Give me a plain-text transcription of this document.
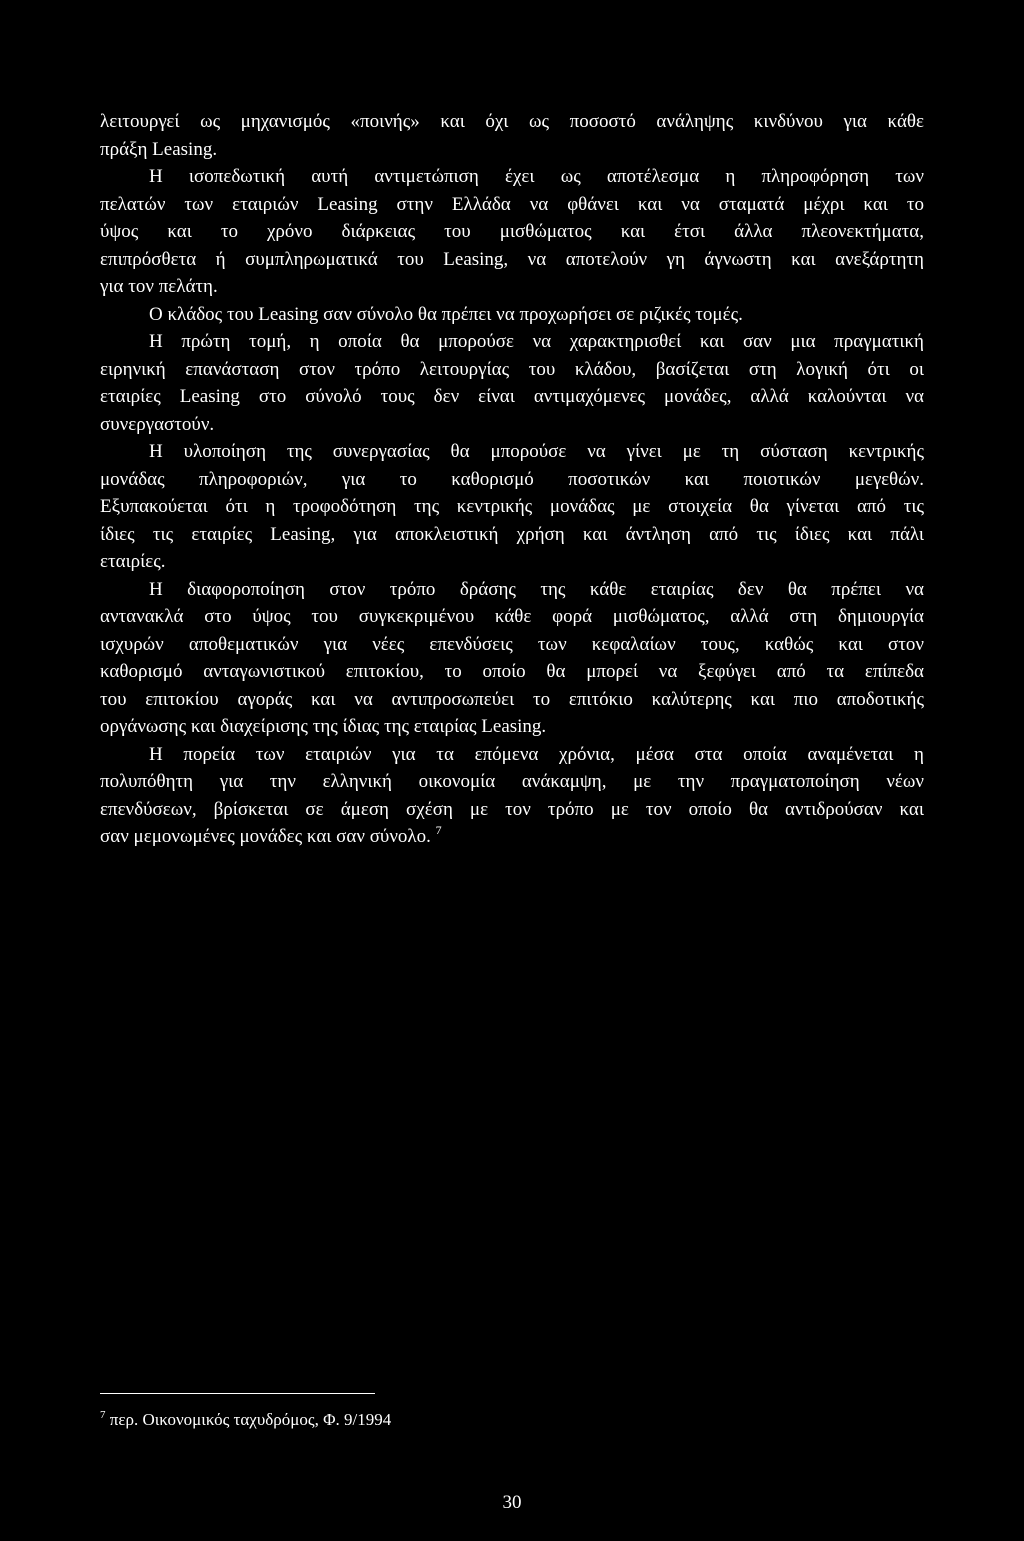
λειτουργεί ως μηχανισμός «ποινής» και όχι ως ποσοστό ανάληψης κινδύνου για κάθε
πράξη Leasing.
Η ισοπεδωτική αυτή αντιμετώπιση έχει ως αποτέλεσμα η πληροφόρηση των
πελατών των εταιριών Leasing στην Ελλάδα να φθάνει και να σταματά μέχρι και το
ύψος και το χρόνο διάρκειας του μισθώματος και έτσι άλλα πλεονεκτήματα,
επιπρόσθετα ή συμπληρωματικά του Leasing, να αποτελούν γη άγνωστη και ανεξάρτητη
για τον πελάτη.
Ο κλάδος του Leasing σαν σύνολο θα πρέπει να προχωρήσει σε ριζικές τομές.
Η πρώτη τομή, η οποία θα μπορούσε να χαρακτηρισθεί και σαν μια πραγματική
ειρηνική επανάσταση στον τρόπο λειτουργίας του κλάδου, βασίζεται στη λογική ότι οι
εταιρίες Leasing στο σύνολό τους δεν είναι αντιμαχόμενες μονάδες, αλλά καλούνται να
συνεργαστούν.
Η υλοποίηση της συνεργασίας θα μπορούσε να γίνει με τη σύσταση κεντρικής
μονάδας πληροφοριών, για το καθορισμό ποσοτικών και ποιοτικών μεγεθών.
Εξυπακούεται ότι η τροφοδότηση της κεντρικής μονάδας με στοιχεία θα γίνεται από τις
ίδιες τις εταιρίες Leasing, για αποκλειστική χρήση και άντληση από τις ίδιες και πάλι
εταιρίες.
Η διαφοροποίηση στον τρόπο δράσης της κάθε εταιρίας δεν θα πρέπει να
αντανακλά στο ύψος του συγκεκριμένου κάθε φορά μισθώματος, αλλά στη δημιουργία
ισχυρών αποθεματικών για νέες επενδύσεις των κεφαλαίων τους, καθώς και στον
καθορισμό ανταγωνιστικού επιτοκίου, το οποίο θα μπορεί να ξεφύγει από τα επίπεδα
του επιτοκίου αγοράς και να αντιπροσωπεύει το επιτόκιο καλύτερης και πιο αποδοτικής
οργάνωσης και διαχείρισης της ίδιας της εταιρίας Leasing.
Η πορεία των εταιριών για τα επόμενα χρόνια, μέσα στα οποία αναμένεται η
πολυπόθητη για την ελληνική οικονομία ανάκαμψη, με την πραγματοποίηση νέων
επενδύσεων, βρίσκεται σε άμεση σχέση με τον τρόπο με τον οποίο θα αντιδρούσαν και
σαν μεμονωμένες μονάδες και σαν σύνολο. $^7$
$^7$ περ. Οικονομικός ταχυδρόμος, Φ. 9/1994
30
